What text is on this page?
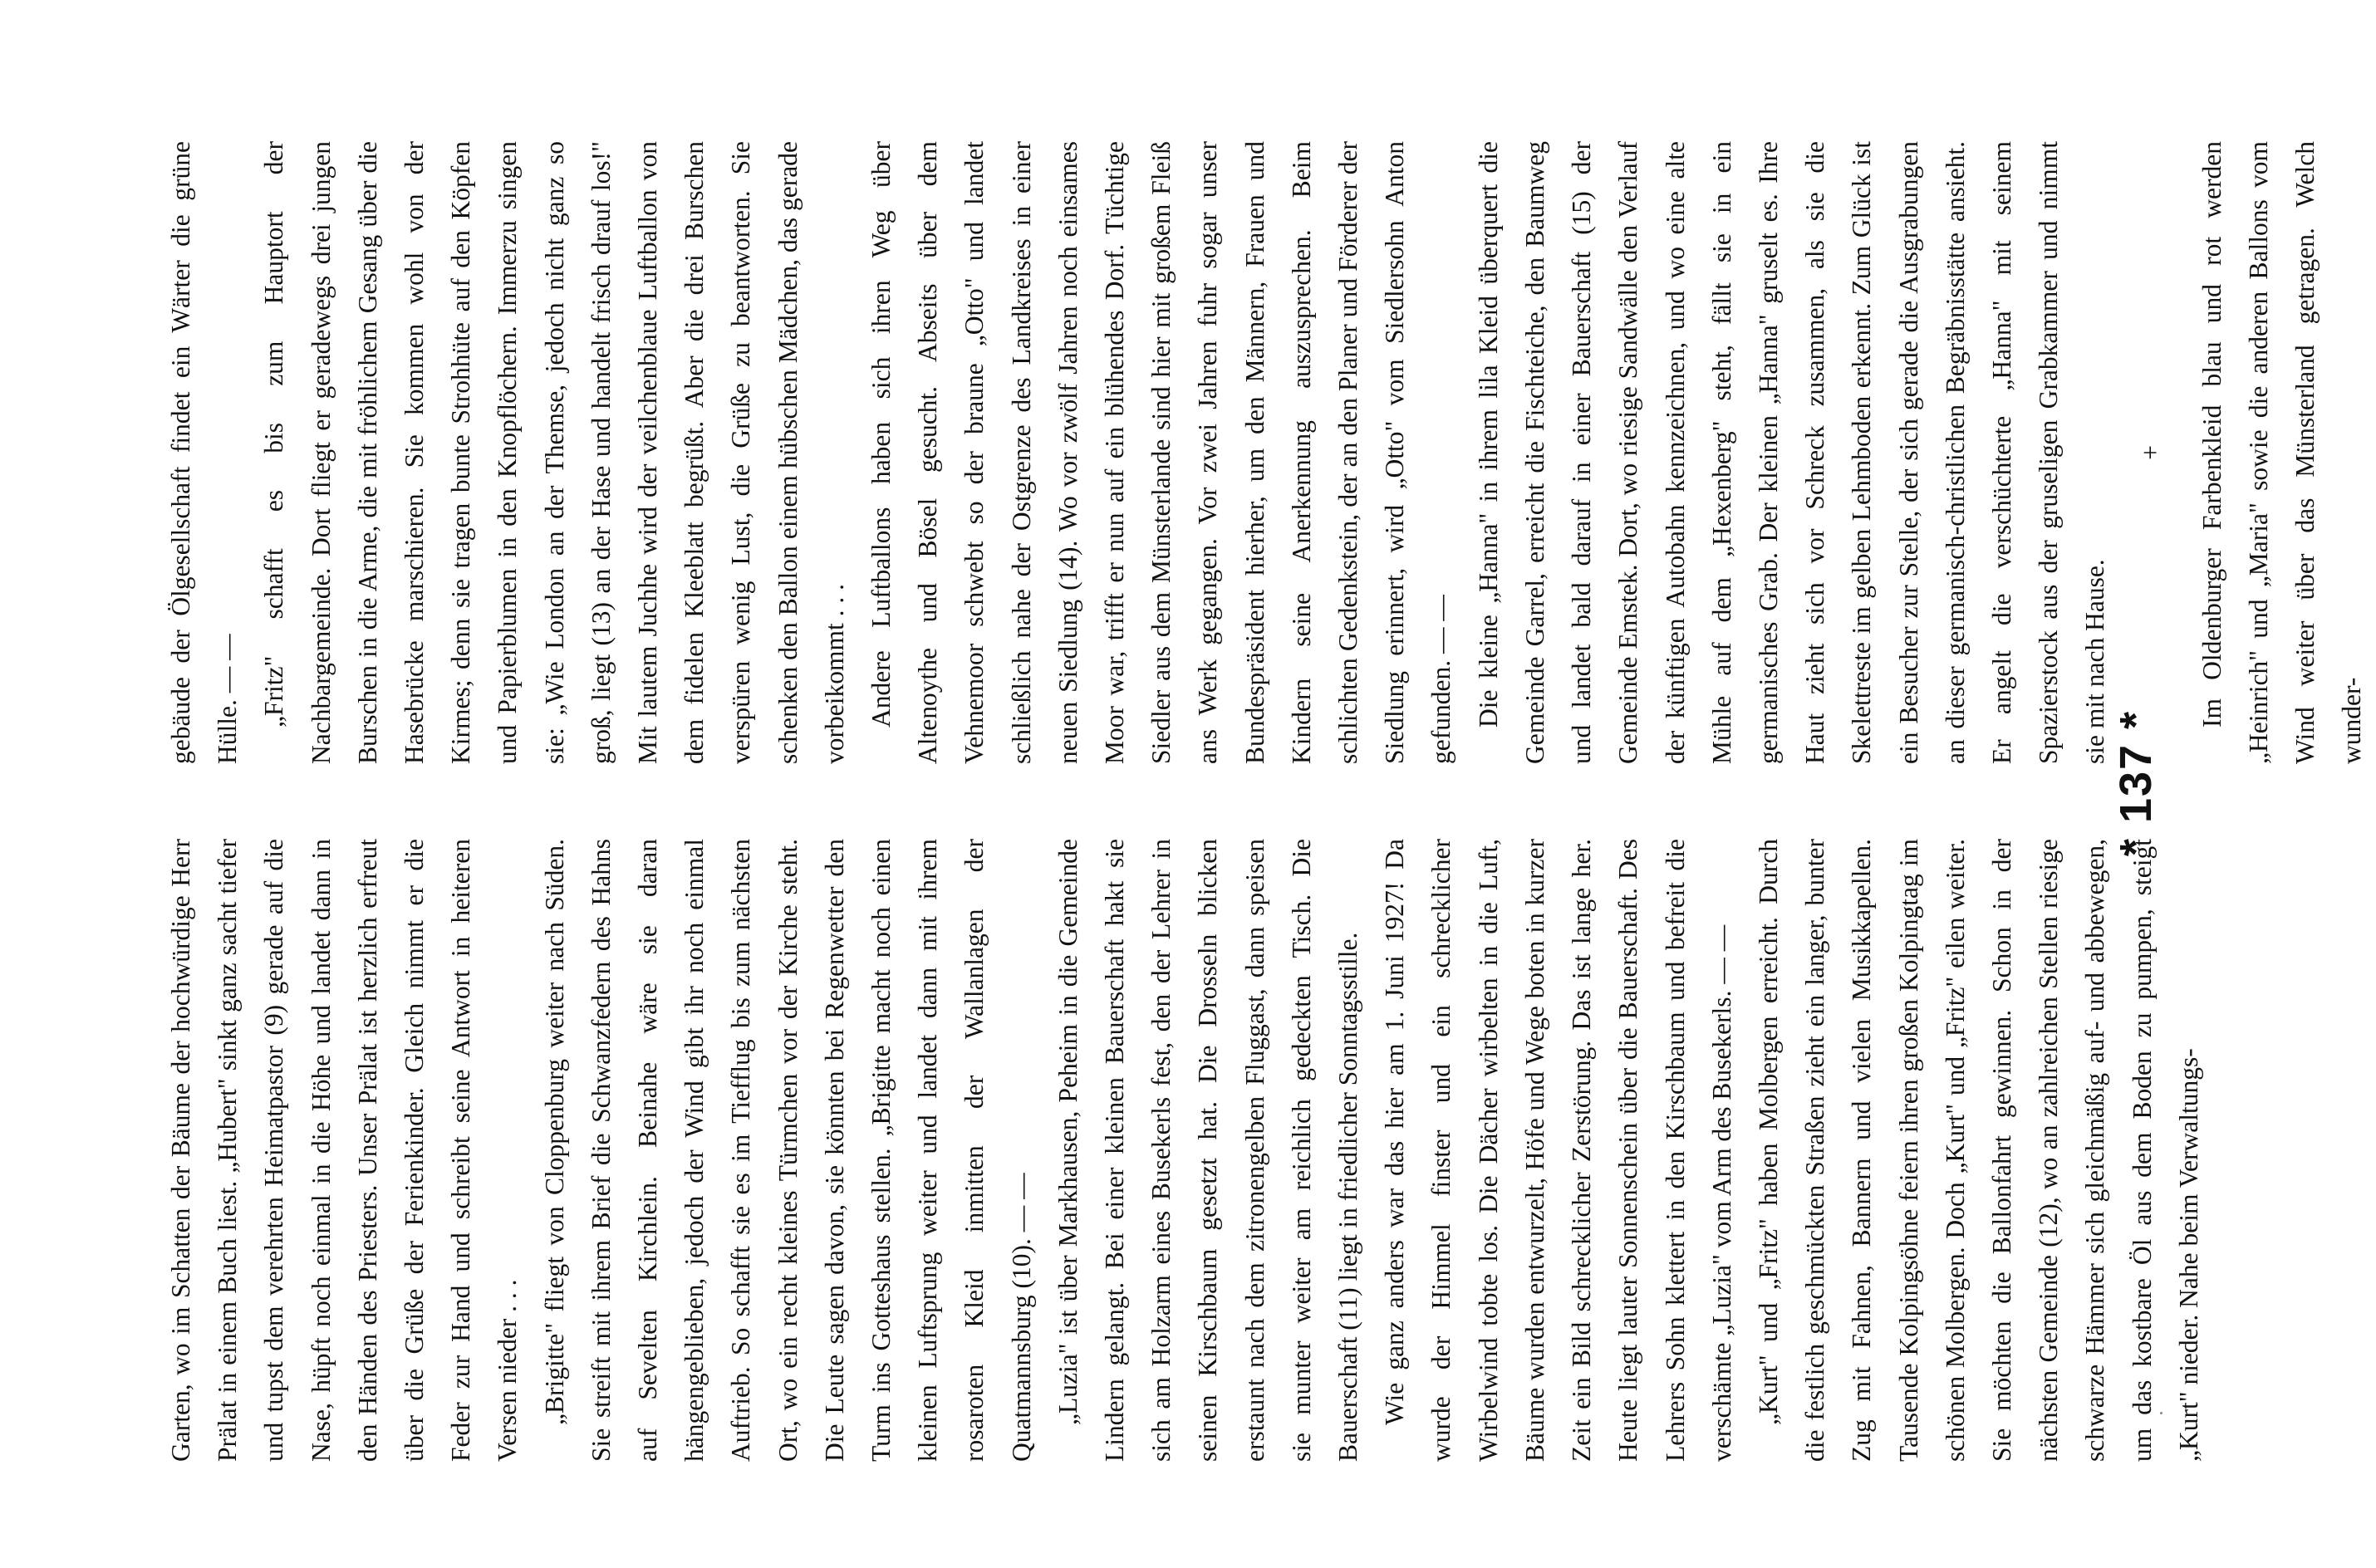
Garten, wo im Schatten der Bäume der hochwürdige Herr Prälat in einem Buch liest. „Hubert" sinkt ganz sacht tiefer und tupst dem verehrten Heimatpastor (9) gerade auf die Nase, hüpft noch einmal in die Höhe und landet dann in den Händen des Priesters. Unser Prälat ist herzlich erfreut über die Grüße der Ferienkinder. Gleich nimmt er die Feder zur Hand und schreibt seine Antwort in heiteren Versen nieder . . . „Brigitte" fliegt von Cloppenburg weiter nach Süden. Sie streift mit ihrem Brief die Schwanzfedern des Hahns auf Sevelten Kirchlein. Beinahe wäre sie daran hängengeblieben, jedoch der Wind gibt ihr noch einmal Auftrieb. So schafft sie es im Tiefflug bis zum nächsten Ort, wo ein recht kleines Türmchen vor der Kirche steht. Die Leute sagen davon, sie könnten bei Regenwetter den Turm ins Gotteshaus stellen. „Brigitte macht noch einen kleinen Luftsprung weiter und landet dann mit ihrem rosaroten Kleid inmitten der Wallanlagen der Quatmannsburg (10). — — „Luzia" ist über Markhausen, Peheim in die Gemeinde Lindern gelangt. Bei einer kleinen Bauerschaft hakt sie sich am Holzarm eines Busekerls fest, den der Lehrer in seinen Kirschbaum gesetzt hat. Die Drosseln blicken erstaunt nach dem zitronengelben Fluggast, dann speisen sie munter weiter am reichlich gedeckten Tisch. Die Bauerschaft (11) liegt in friedlicher Sonntagsstille. Wie ganz anders war das hier am 1. Juni 1927! Da wurde der Himmel finster und ein schrecklicher Wirbelwind tobte los. Die Dächer wirbelten in die Luft, Bäume wurden entwurzelt, Höfe und Wege boten in kurzer Zeit ein Bild schrecklicher Zerstörung. Das ist lange her. Heute liegt lauter Sonnenschein über die Bauerschaft. Des Lehrers Sohn klettert in den Kirschbaum und befreit die verschämte „Luzia" vom Arm des Busekerls. — — „Kurt" und „Fritz" haben Molbergen erreicht. Durch die festlich geschmückten Straßen zieht ein langer, bunter Zug mit Fahnen, Bannern und vielen Musikkapellen. Tausende Kolpingsöhne feiern ihren großen Kolpingtag im schönen Molbergen. Doch „Kurt" und „Fritz" eilen weiter. Sie möchten die Ballonfahrt gewinnen. Schon in der nächsten Gemeinde (12), wo an zahlreichen Stellen riesige schwarze Hämmer sich gleichmäßig auf- und abbewegen, um das kostbare Öl aus dem Boden zu pumpen, steigt „Kurt" nieder. Nahe beim Verwaltungs-

gebäude der Ölgesellschaft findet ein Wärter die grüne Hülle. — — „Fritz" schafft es bis zum Hauptort der Nachbargemeinde. Dort fliegt er geradewegs drei jungen Burschen in die Arme, die mit fröhlichem Gesang über die Hasebrücke marschieren. Sie kommen wohl von der Kirmes; denn sie tragen bunte Strohhüte auf den Köpfen und Papierblumen in den Knopflöchern. Immerzu singen sie: „Wie London an der Themse, jedoch nicht ganz so groß, liegt (13) an der Hase und handelt frisch drauf los!" Mit lautem Juchhe wird der veilchenblaue Luftballon von dem fidelen Kleeblatt begrüßt. Aber die drei Burschen verspüren wenig Lust, die Grüße zu beantworten. Sie schenken den Ballon einem hübschen Mädchen, das gerade vorbeikommt . . . Andere Luftballons haben sich ihren Weg über Altenoythe und Bösel gesucht. Abseits über dem Vehnemoor schwebt so der braune „Otto" und landet schließlich nahe der Ostgrenze des Landkreises in einer neuen Siedlung (14). Wo vor zwölf Jahren noch einsames Moor war, trifft er nun auf ein blühendes Dorf. Tüchtige Siedler aus dem Münsterlande sind hier mit großem Fleiß ans Werk gegangen. Vor zwei Jahren fuhr sogar unser Bundespräsident hierher, um den Männern, Frauen und Kindern seine Anerkennung auszusprechen. Beim schlichten Gedenkstein, der an den Planer und Förderer der Siedlung erinnert, wird „Otto" vom Siedlersohn Anton gefunden. — — Die kleine „Hanna" in ihrem lila Kleid überquert die Gemeinde Garrel, erreicht die Fischteiche, den Baumweg und landet bald darauf in einer Bauerschaft (15) der Gemeinde Emstek. Dort, wo riesige Sandwälle den Verlauf der künftigen Autobahn kennzeichnen, und wo eine alte Mühle auf dem „Hexenberg" steht, fällt sie in ein germanisches Grab. Der kleinen „Hanna" gruselt es. Ihre Haut zieht sich vor Schreck zusammen, als sie die Skelettreste im gelben Lehmboden erkennt. Zum Glück ist ein Besucher zur Stelle, der sich gerade die Ausgrabungen an dieser germanisch-christlichen Begräbnisstätte ansieht. Er angelt die verschüchterte „Hanna" mit seinem Spazierstock aus der gruseligen Grabkammer und nimmt sie mit nach Hause.

+	Im Oldenburger Farbenkleid blau und rot werden „Heinrich" und „Maria" sowie die anderen Ballons vom Wind weiter über das Münsterland getragen. Welch wunder-

* 137 *
